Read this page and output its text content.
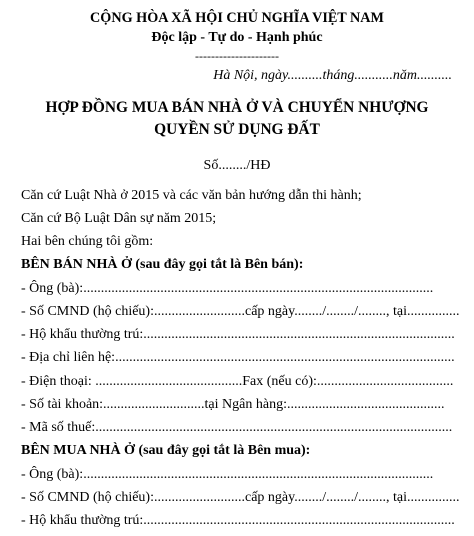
CỘNG HÒA XÃ HỘI CHỦ NGHĨA VIỆT NAM
Độc lập - Tự do - Hạnh phúc
---------------------
Hà Nội, ngày..........tháng...........năm..........
HỢP ĐỒNG MUA BÁN NHÀ Ở VÀ CHUYỂN NHƯỢNG
QUYỀN SỬ DỤNG ĐẤT
Số......../HĐ
Căn cứ Luật Nhà ở 2015 và các văn bản hướng dẫn thi hành;
Căn cứ Bộ Luật Dân sự năm 2015;
Hai bên chúng tôi gồm:
BÊN BÁN NHÀ Ở (sau đây gọi tắt là Bên bán):
- Ông (bà):....................................................................................................
- Số CMND (hộ chiếu):..........................cấp ngày......../......../........, tại...............
- Hộ khẩu thường trú:.........................................................................................
- Địa chỉ liên hệ:.................................................................................................
- Điện thoại: ..........................................Fax (nếu có):.......................................
- Số tài khoản:.............................tại Ngân hàng:.............................................
- Mã số thuế:......................................................................................................
BÊN MUA NHÀ Ở (sau đây gọi tắt là Bên mua):
- Ông (bà):....................................................................................................
- Số CMND (hộ chiếu):..........................cấp ngày......../......../........, tại...............
- Hộ khẩu thường trú:.........................................................................................
